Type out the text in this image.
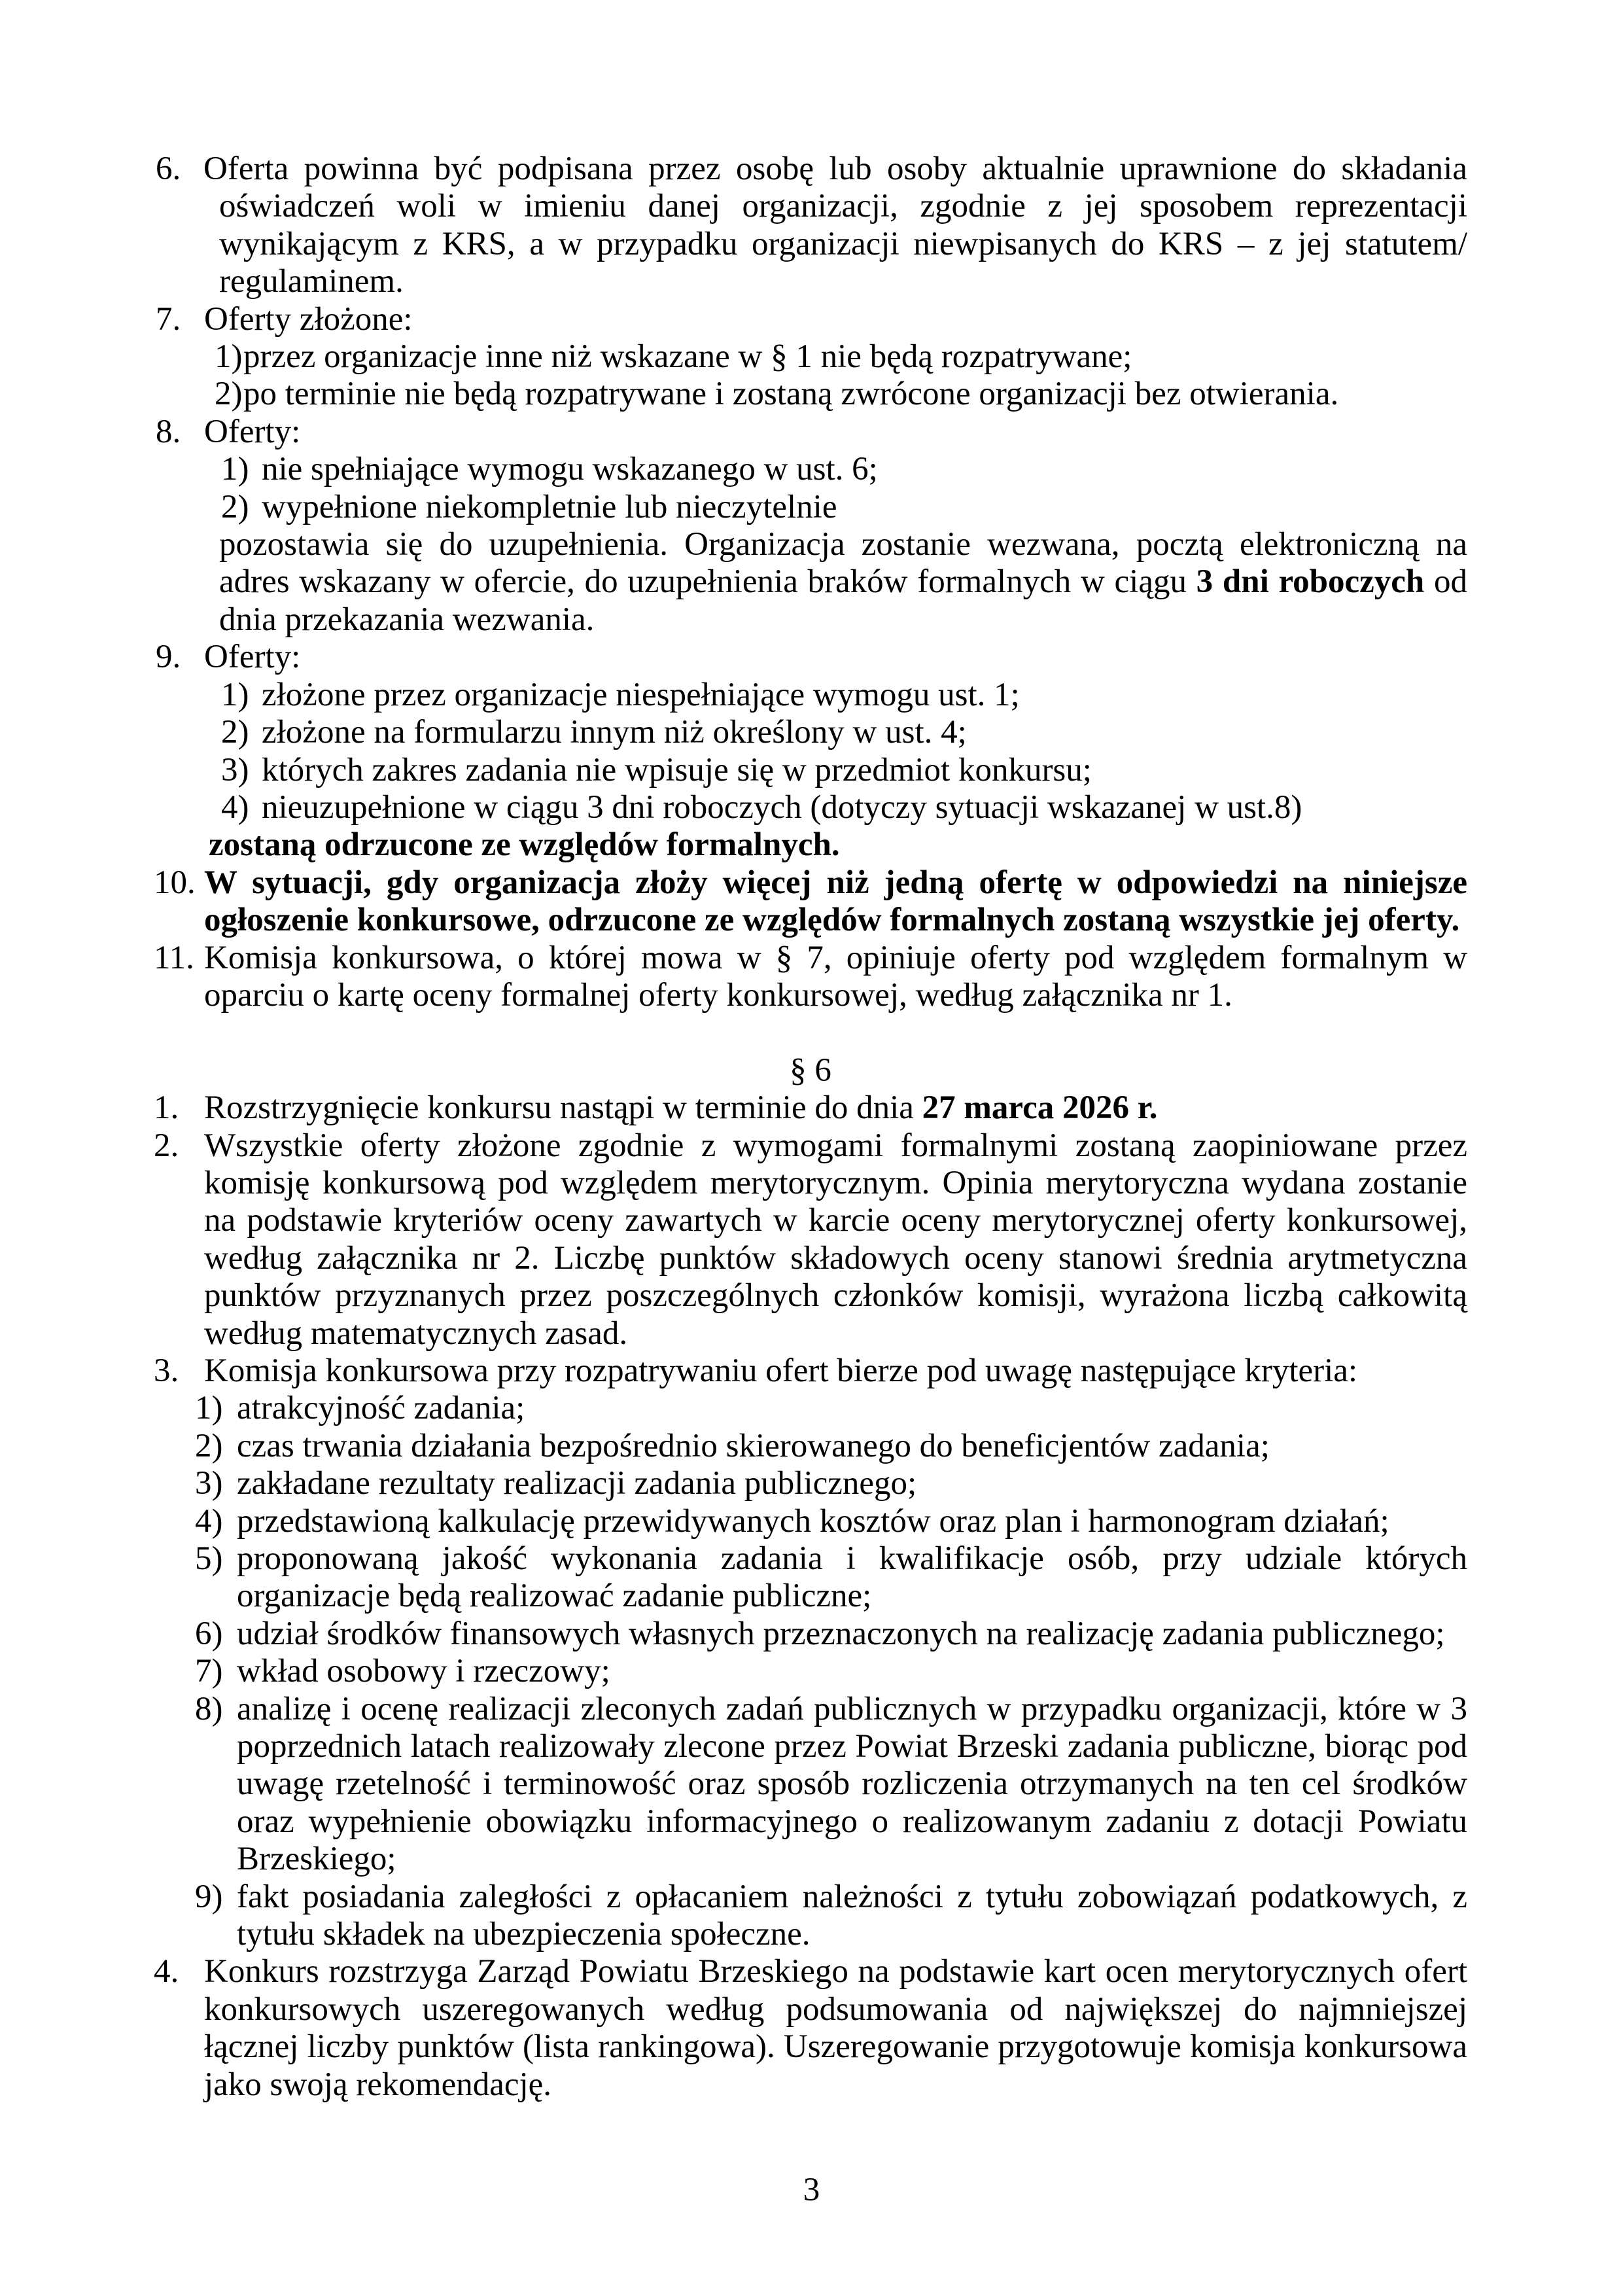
6. Oferta powinna być podpisana przez osobę lub osoby aktualnie uprawnione do składania oświadczeń woli w imieniu danej organizacji, zgodnie z jej sposobem reprezentacji wynikającym z KRS, a w przypadku organizacji niewpisanych do KRS – z jej statutem/ regulaminem.
7. Oferty złożone:
1) przez organizacje inne niż wskazane w § 1 nie będą rozpatrywane;
2) po terminie nie będą rozpatrywane i zostaną zwrócone organizacji bez otwierania.
8. Oferty:
1) nie spełniające wymogu wskazanego w ust. 6;
2) wypełnione niekompletnie lub nieczytelnie
pozostawia się do uzupełnienia. Organizacja zostanie wezwana, pocztą elektroniczną na adres wskazany w ofercie, do uzupełnienia braków formalnych w ciągu 3 dni roboczych od dnia przekazania wezwania.
9. Oferty:
1) złożone przez organizacje niespełniające wymogu ust. 1;
2) złożone na formularzu innym niż określony w ust. 4;
3) których zakres zadania nie wpisuje się w przedmiot konkursu;
4) nieuzupełnione w ciągu 3 dni roboczych (dotyczy sytuacji wskazanej w ust.8)
zostaną odrzucone ze względów formalnych.
10. W sytuacji, gdy organizacja złoży więcej niż jedną ofertę w odpowiedzi na niniejsze ogłoszenie konkursowe, odrzucone ze względów formalnych zostaną wszystkie jej oferty.
11. Komisja konkursowa, o której mowa w § 7, opiniuje oferty pod względem formalnym w oparciu o kartę oceny formalnej oferty konkursowej, według załącznika nr 1.
§ 6
1. Rozstrzygnięcie konkursu nastąpi w terminie do dnia 27 marca 2026 r.
2. Wszystkie oferty złożone zgodnie z wymogami formalnymi zostaną zaopiniowane przez komisję konkursową pod względem merytorycznym. Opinia merytoryczna wydana zostanie na podstawie kryteriów oceny zawartych w karcie oceny merytorycznej oferty konkursowej, według załącznika nr 2. Liczbę punktów składowych oceny stanowi średnia arytmetyczna punktów przyznanych przez poszczególnych członków komisji, wyrażona liczbą całkowitą według matematycznych zasad.
3. Komisja konkursowa przy rozpatrywaniu ofert bierze pod uwagę następujące kryteria:
1) atrakcyjność zadania;
2) czas trwania działania bezpośrednio skierowanego do beneficjentów zadania;
3) zakładane rezultaty realizacji zadania publicznego;
4) przedstawioną kalkulację przewidywanych kosztów oraz plan i harmonogram działań;
5) proponowaną jakość wykonania zadania i kwalifikacje osób, przy udziale których organizacje będą realizować zadanie publiczne;
6) udział środków finansowych własnych przeznaczonych na realizację zadania publicznego;
7) wkład osobowy i rzeczowy;
8) analizę i ocenę realizacji zleconych zadań publicznych w przypadku organizacji, które w 3 poprzednich latach realizowały zlecone przez Powiat Brzeski zadania publiczne, biorąc pod uwagę rzetelność i terminowość oraz sposób rozliczenia otrzymanych na ten cel środków oraz wypełnienie obowiązku informacyjnego o realizowanym zadaniu z dotacji Powiatu Brzeskiego;
9) fakt posiadania zaległości z opłacaniem należności z tytułu zobowiązań podatkowych, z tytułu składek na ubezpieczenia społeczne.
4. Konkurs rozstrzyga Zarząd Powiatu Brzeskiego na podstawie kart ocen merytorycznych ofert konkursowych uszeregowanych według podsumowania od największej do najmniejszej łącznej liczby punktów (lista rankingowa). Uszeregowanie przygotowuje komisja konkursowa jako swoją rekomendację.
3
